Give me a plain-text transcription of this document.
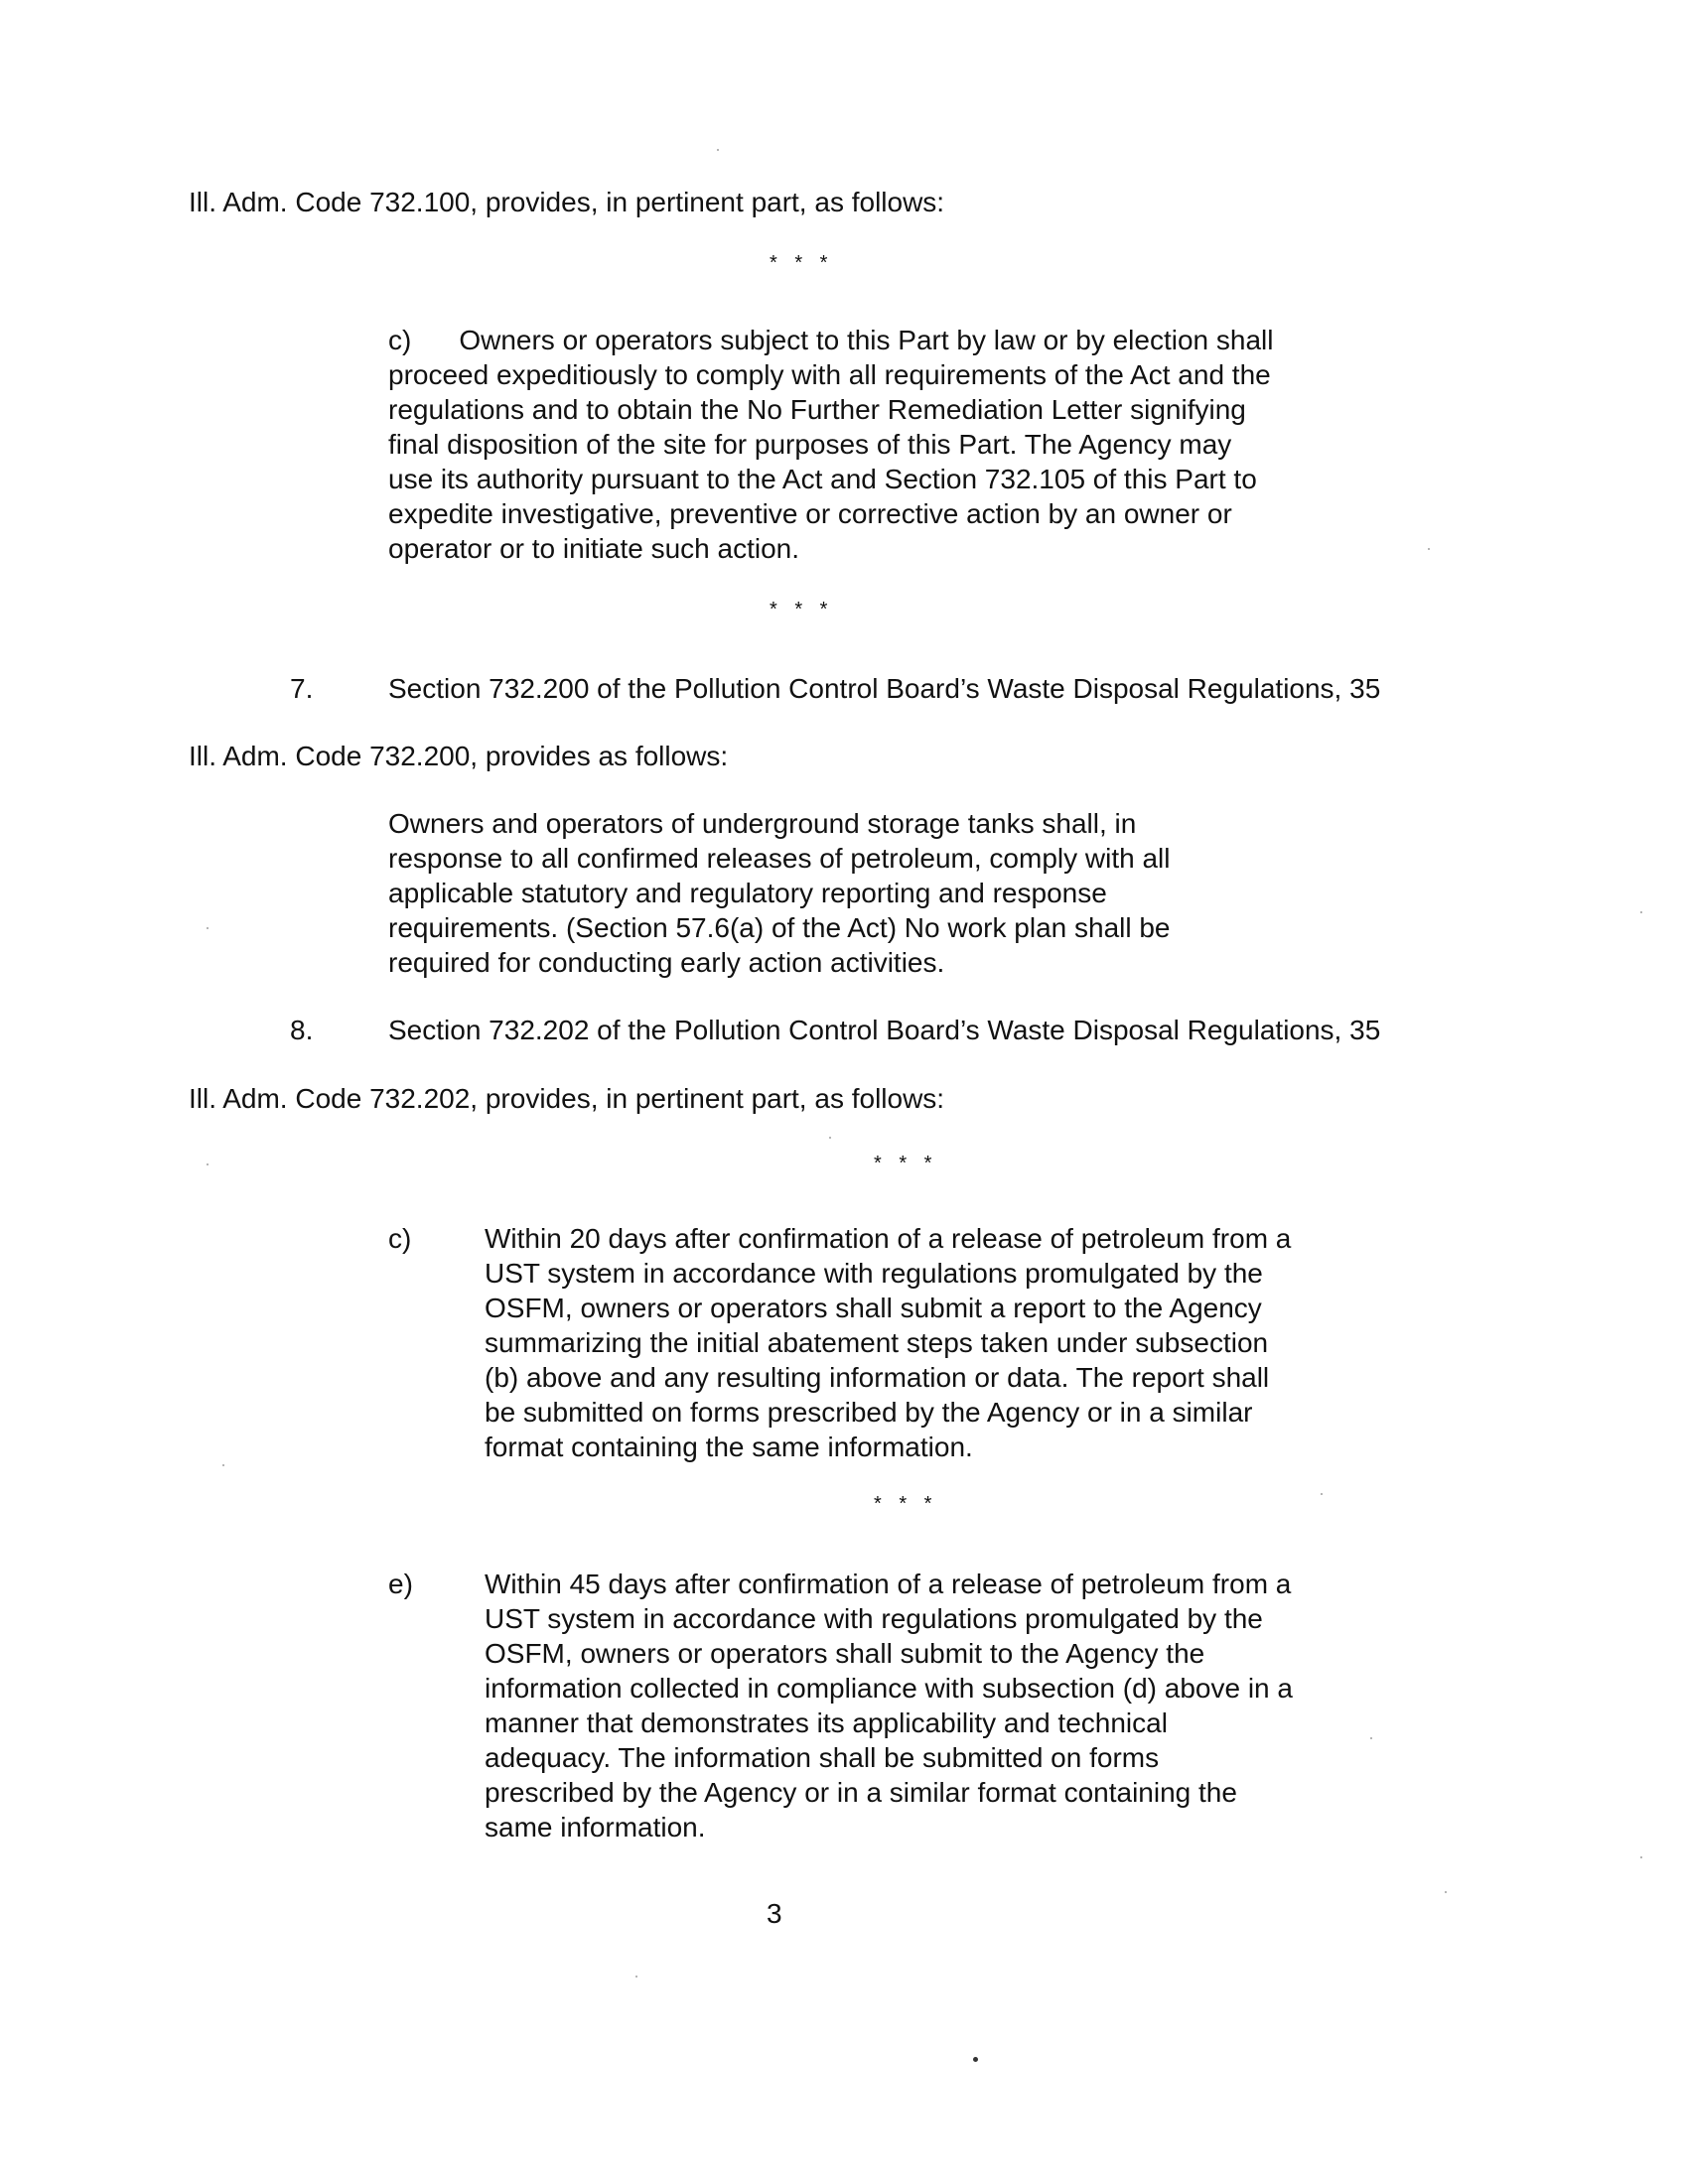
Ill. Adm. Code 732.100, provides, in pertinent part, as follows:
* * *
c) Owners or operators subject to this Part by law or by election shall
proceed expeditiously to comply with all requirements of the Act and the
regulations and to obtain the No Further Remediation Letter signifying
final disposition of the site for purposes of this Part. The Agency may
use its authority pursuant to the Act and Section 732.105 of this Part to
expedite investigative, preventive or corrective action by an owner or
operator or to initiate such action.
* * *
7.	Section 732.200 of the Pollution Control Board’s Waste Disposal Regulations, 35
Ill. Adm. Code 732.200, provides as follows:
Owners and operators of underground storage tanks shall, in
response to all confirmed releases of petroleum, comply with all
applicable statutory and regulatory reporting and response
requirements. (Section 57.6(a) of the Act) No work plan shall be
required for conducting early action activities.
8.	Section 732.202 of the Pollution Control Board’s Waste Disposal Regulations, 35
Ill. Adm. Code 732.202, provides, in pertinent part, as follows:
* * *
c)	Within 20 days after confirmation of a release of petroleum from a
UST system in accordance with regulations promulgated by the
OSFM, owners or operators shall submit a report to the Agency
summarizing the initial abatement steps taken under subsection
(b) above and any resulting information or data. The report shall
be submitted on forms prescribed by the Agency or in a similar
format containing the same information.
* * *
e)	Within 45 days after confirmation of a release of petroleum from a
UST system in accordance with regulations promulgated by the
OSFM, owners or operators shall submit to the Agency the
information collected in compliance with subsection (d) above in a
manner that demonstrates its applicability and technical
adequacy. The information shall be submitted on forms
prescribed by the Agency or in a similar format containing the
same information.
3
